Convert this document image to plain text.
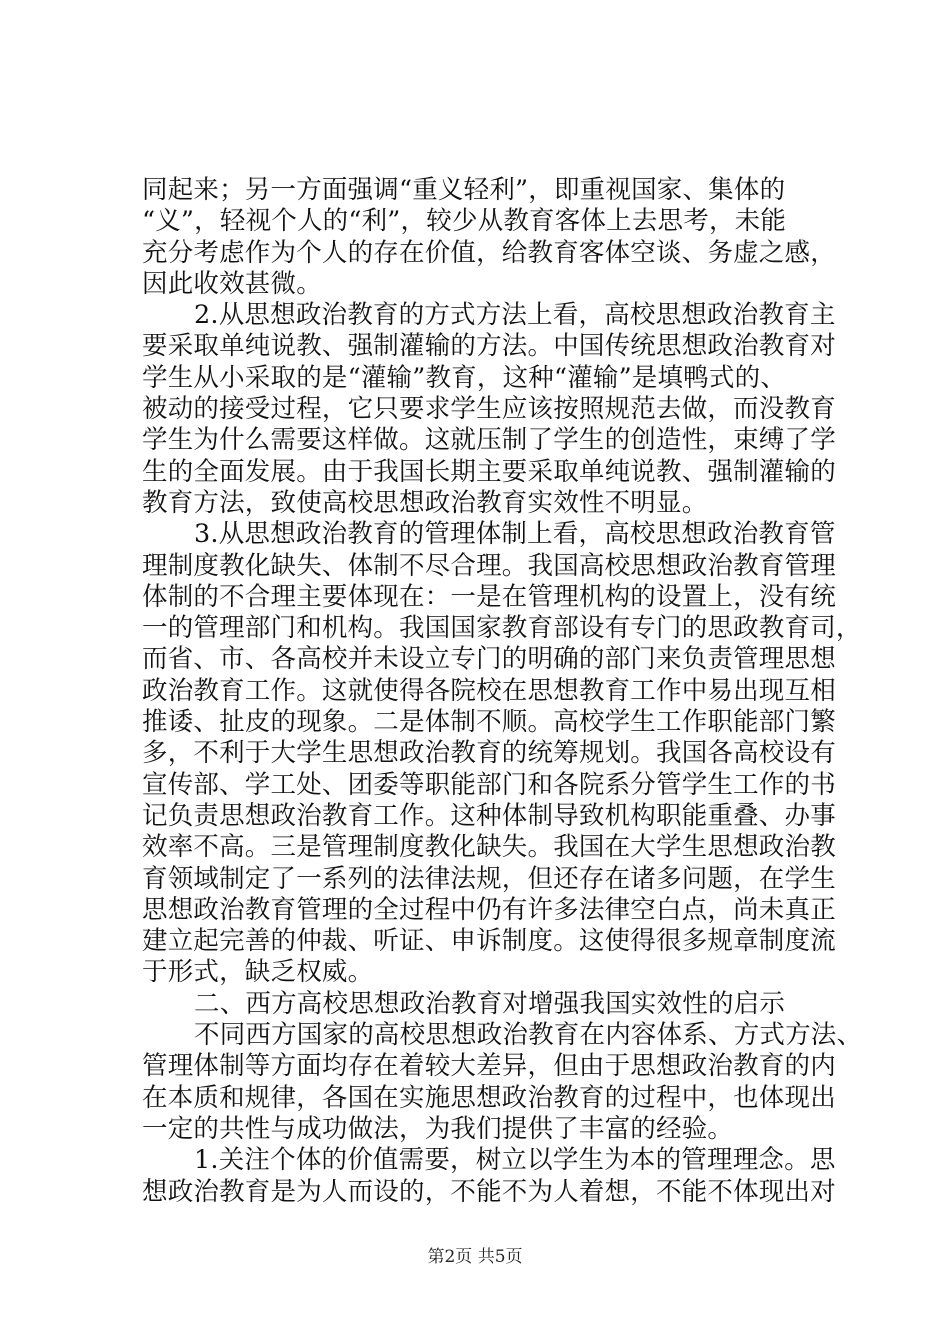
同起来；另一方面强调“重义轻利”，即重视国家、集体的
“义”，轻视个人的“利”，较少从教育客体上去思考，未能
充分考虑作为个人的存在价值，给教育客体空谈、务虚之感，
因此收效甚微。
2.从思想政治教育的方式方法上看，高校思想政治教育主
要采取单纯说教、强制灌输的方法。中国传统思想政治教育对
学生从小采取的是“灌输”教育，这种“灌输”是填鸭式的、
被动的接受过程，它只要求学生应该按照规范去做，而没教育
学生为什么需要这样做。这就压制了学生的创造性，束缚了学
生的全面发展。由于我国长期主要采取单纯说教、强制灌输的
教育方法，致使高校思想政治教育实效性不明显。
3.从思想政治教育的管理体制上看，高校思想政治教育管
理制度教化缺失、体制不尽合理。我国高校思想政治教育管理
体制的不合理主要体现在：一是在管理机构的设置上，没有统
一的管理部门和机构。我国国家教育部设有专门的思政教育司，
而省、市、各高校并未设立专门的明确的部门来负责管理思想
政治教育工作。这就使得各院校在思想教育工作中易出现互相
推诿、扯皮的现象。二是体制不顺。高校学生工作职能部门繁
多，不利于大学生思想政治教育的统筹规划。我国各高校设有
宣传部、学工处、团委等职能部门和各院系分管学生工作的书
记负责思想政治教育工作。这种体制导致机构职能重叠、办事
效率不高。三是管理制度教化缺失。我国在大学生思想政治教
育领域制定了一系列的法律法规，但还存在诸多问题，在学生
思想政治教育管理的全过程中仍有许多法律空白点，尚未真正
建立起完善的仲裁、听证、申诉制度。这使得很多规章制度流
于形式，缺乏权威。
二、西方高校思想政治教育对增强我国实效性的启示
不同西方国家的高校思想政治教育在内容体系、方式方法、
管理体制等方面均存在着较大差异，但由于思想政治教育的内
在本质和规律，各国在实施思想政治教育的过程中，也体现出
一定的共性与成功做法，为我们提供了丰富的经验。
1.关注个体的价值需要，树立以学生为本的管理理念。思
想政治教育是为人而设的，不能不为人着想，不能不体现出对
第2页 共5页
